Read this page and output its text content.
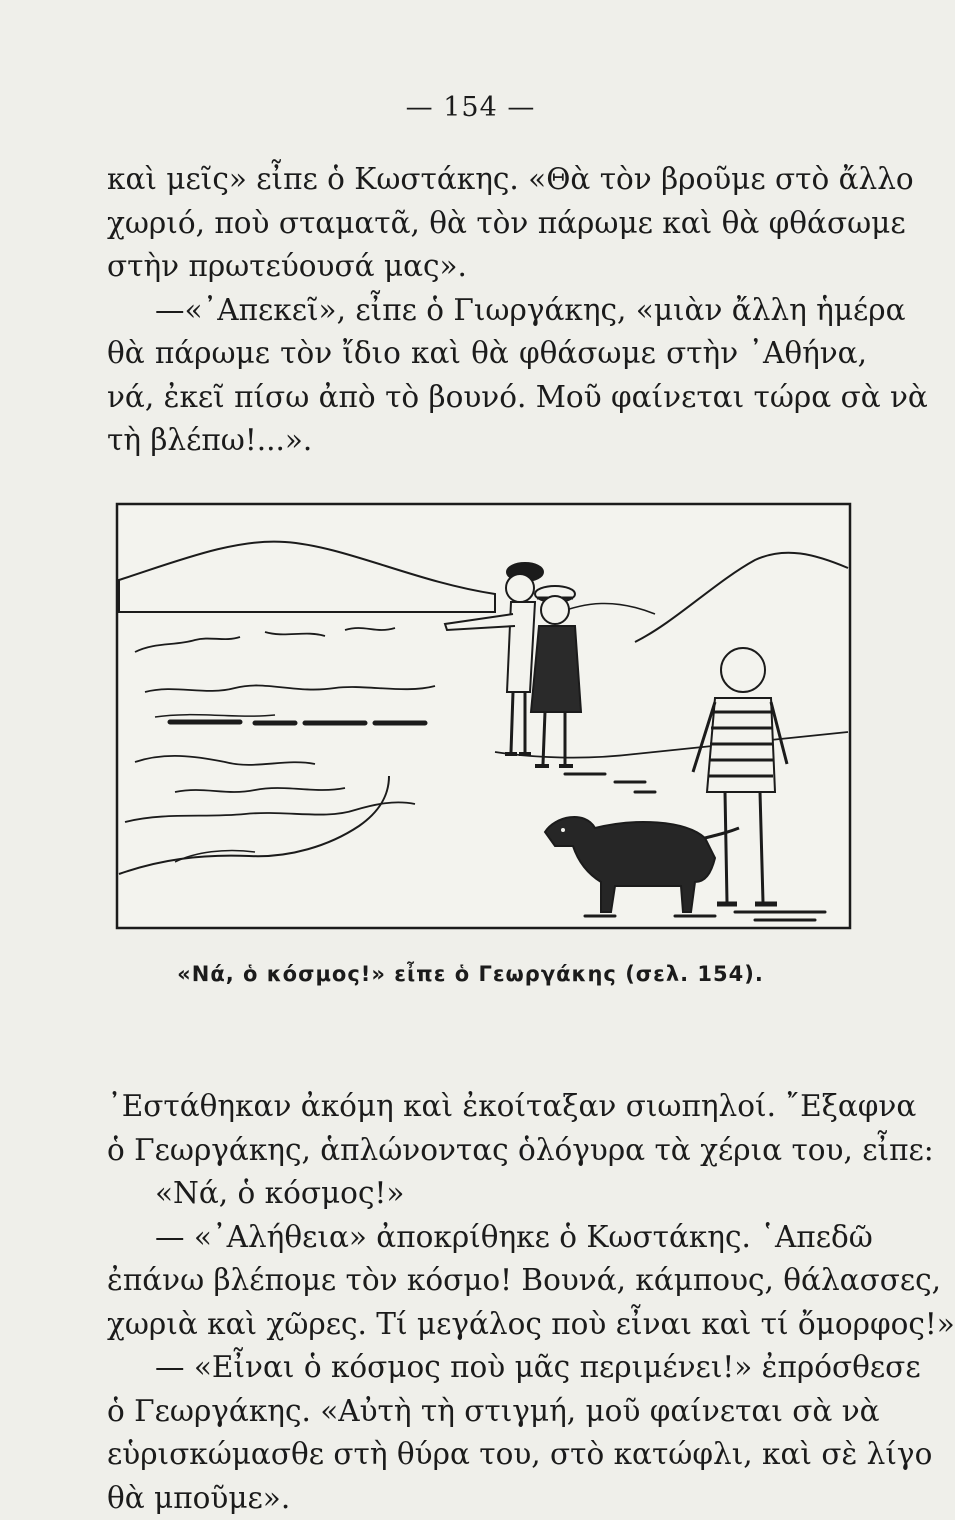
— 154 —
καὶ μεῖς» εἶπε ὁ Κωστάκης. «Θὰ τὸν βροῦμε στὸ ἄλλο
χωριό, ποὺ σταματᾶ, θὰ τὸν πάρωμε καὶ θὰ φθάσωμε
στὴν πρωτεύουσά μας».
—«᾿Απεκεῖ», εἶπε ὁ Γιωργάκης, «μιὰν ἄλλη ἡμέρα
θὰ πάρωμε τὸν ἴδιο καὶ θὰ φθάσωμε στὴν ᾿Αθήνα,
νά, ἐκεῖ πίσω ἀπὸ τὸ βουνό. Μοῦ φαίνεται τώρα σὰ νὰ
τὴ βλέπω!...».
«Νά, ὁ κόσμος!» εἶπε ὁ Γεωργάκης (σελ. 154).
᾿Εστάθηκαν ἀκόμη καὶ ἐκοίταξαν σιωπηλοί. ῎Εξαφνα
ὁ Γεωργάκης, ἁπλώνοντας ὁλόγυρα τὰ χέρια του, εἶπε:
«Νά, ὁ κόσμος!»
— «᾿Αλήθεια» ἀποκρίθηκε ὁ Κωστάκης. ῾Απεδῶ
ἐπάνω βλέπομε τὸν κόσμο! Βουνά, κάμπους, θάλασσες,
χωριὰ καὶ χῶρες. Τί μεγάλος ποὺ εἶναι καὶ τί ὄμορφος!»
— «Εἶναι ὁ κόσμος ποὺ μᾶς περιμένει!» ἐπρόσθεσε
ὁ Γεωργάκης. «Αὐτὴ τὴ στιγμή, μοῦ φαίνεται σὰ νὰ
εὑρισκώμασθε στὴ θύρα του, στὸ κατώφλι, καὶ σὲ λίγο
θὰ μποῦμε».
